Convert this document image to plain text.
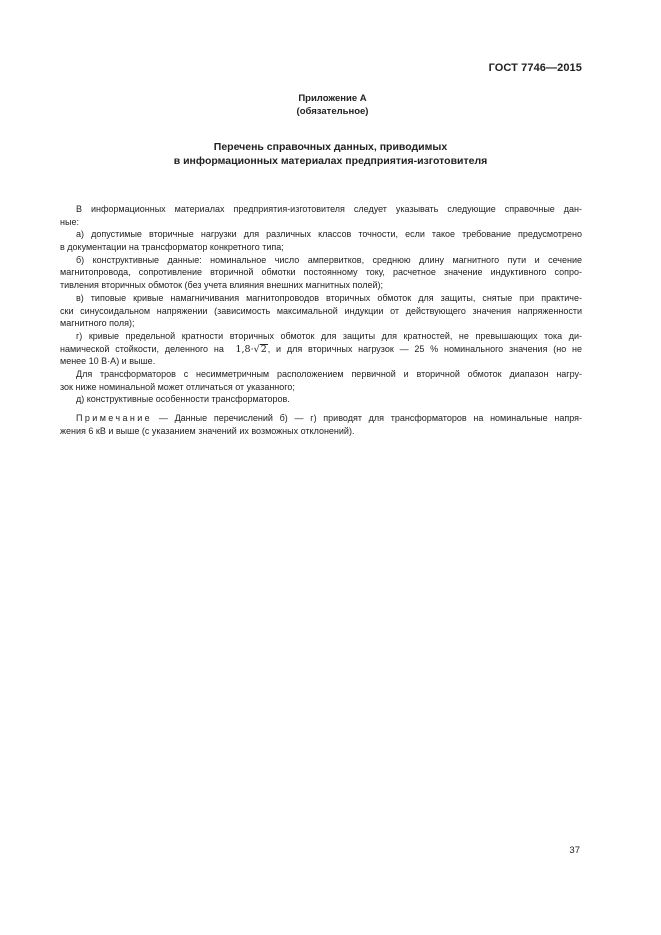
ГОСТ 7746—2015
Приложение А
(обязательное)
Перечень справочных данных, приводимых
в информационных материалах предприятия-изготовителя
В информационных материалах предприятия-изготовителя следует указывать следующие справочные дан-
ные:
а) допустимые вторичные нагрузки для различных классов точности, если такое требование предусмотрено
в документации на трансформатор конкретного типа;
б) конструктивные данные: номинальное число ампервитков, среднюю длину магнитного пути и сечение
магнитопровода, сопротивление вторичной обмотки постоянному току, расчетное значение индуктивного сопро-
тивления вторичных обмоток (без учета влияния внешних магнитных полей);
в) типовые кривые намагничивания магнитопроводов вторичных обмоток для защиты, снятые при практиче-
ски синусоидальном напряжении (зависимость максимальной индукции от действующего значения напряженности
магнитного поля);
г) кривые предельной кратности вторичных обмоток для защиты для кратностей, не превышающих тока ди-
намической стойкости, деленного на 1,8·√2, и для вторичных нагрузок — 25 % номинального значения (но не
менее 10 В·А) и выше.
Для трансформаторов с несимметричным расположением первичной и вторичной обмоток диапазон нагру-
зок ниже номинальной может отличаться от указанного;
д) конструктивные особенности трансформаторов.
Примечание — Данные перечислений б) — г) приводят для трансформаторов на номинальные напря-
жения 6 кВ и выше (с указанием значений их возможных отклонений).
37
